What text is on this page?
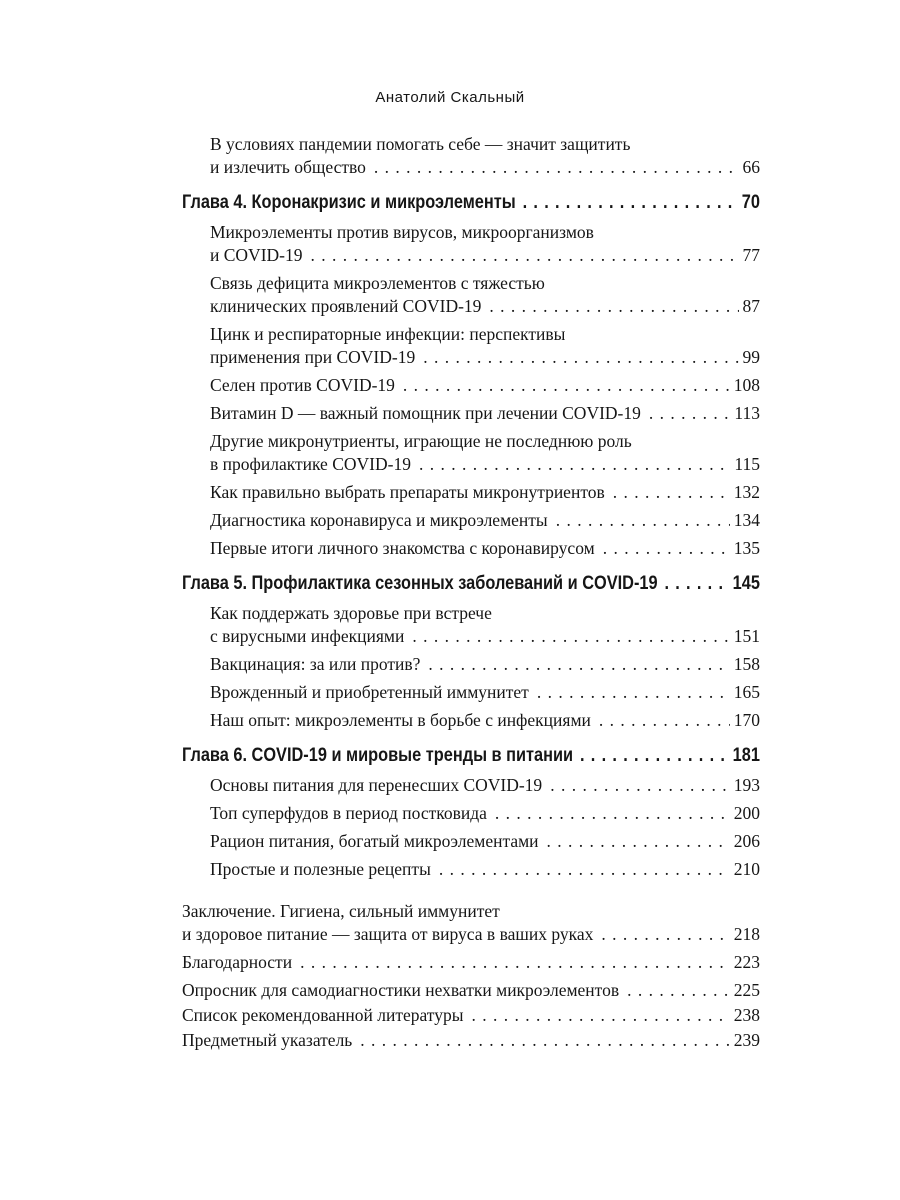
Анатолий Скальный
В условиях пандемии помогать себе — значит защитить
и излечить общество . . .	66
Глава 4. Коронакризис и микроэлементы . . .	70
Микроэлементы против вирусов, микроорганизмов
и COVID-19 . . .	77
Связь дефицита микроэлементов с тяжестью
клинических проявлений COVID-19 . . .	87
Цинк и респираторные инфекции: перспективы
применения при COVID-19 . . .	99
Селен против COVID-19 . . .	108
Витамин D — важный помощник при лечении COVID-19 . . .	113
Другие микронутриенты, играющие не последнюю роль
в профилактике COVID-19 . . .	115
Как правильно выбрать препараты микронутриентов . . .	132
Диагностика коронавируса и микроэлементы . . .	134
Первые итоги личного знакомства с коронавирусом . . .	135
Глава 5. Профилактика сезонных заболеваний и COVID-19 . . .	145
Как поддержать здоровье при встрече
с вирусными инфекциями . . .	151
Вакцинация: за или против? . . .	158
Врожденный и приобретенный иммунитет . . .	165
Наш опыт: микроэлементы в борьбе с инфекциями . . .	170
Глава 6. COVID-19 и мировые тренды в питании . . .	181
Основы питания для перенесших COVID-19 . . .	193
Топ суперфудов в период постковида . . .	200
Рацион питания, богатый микроэлементами . . .	206
Простые и полезные рецепты . . .	210
Заключение. Гигиена, сильный иммунитет
и здоровое питание — защита от вируса в ваших руках . . .	218
Благодарности . . .	223
Опросник для самодиагностики нехватки микроэлементов . . .	225
Список рекомендованной литературы . . .	238
Предметный указатель . . .	239
